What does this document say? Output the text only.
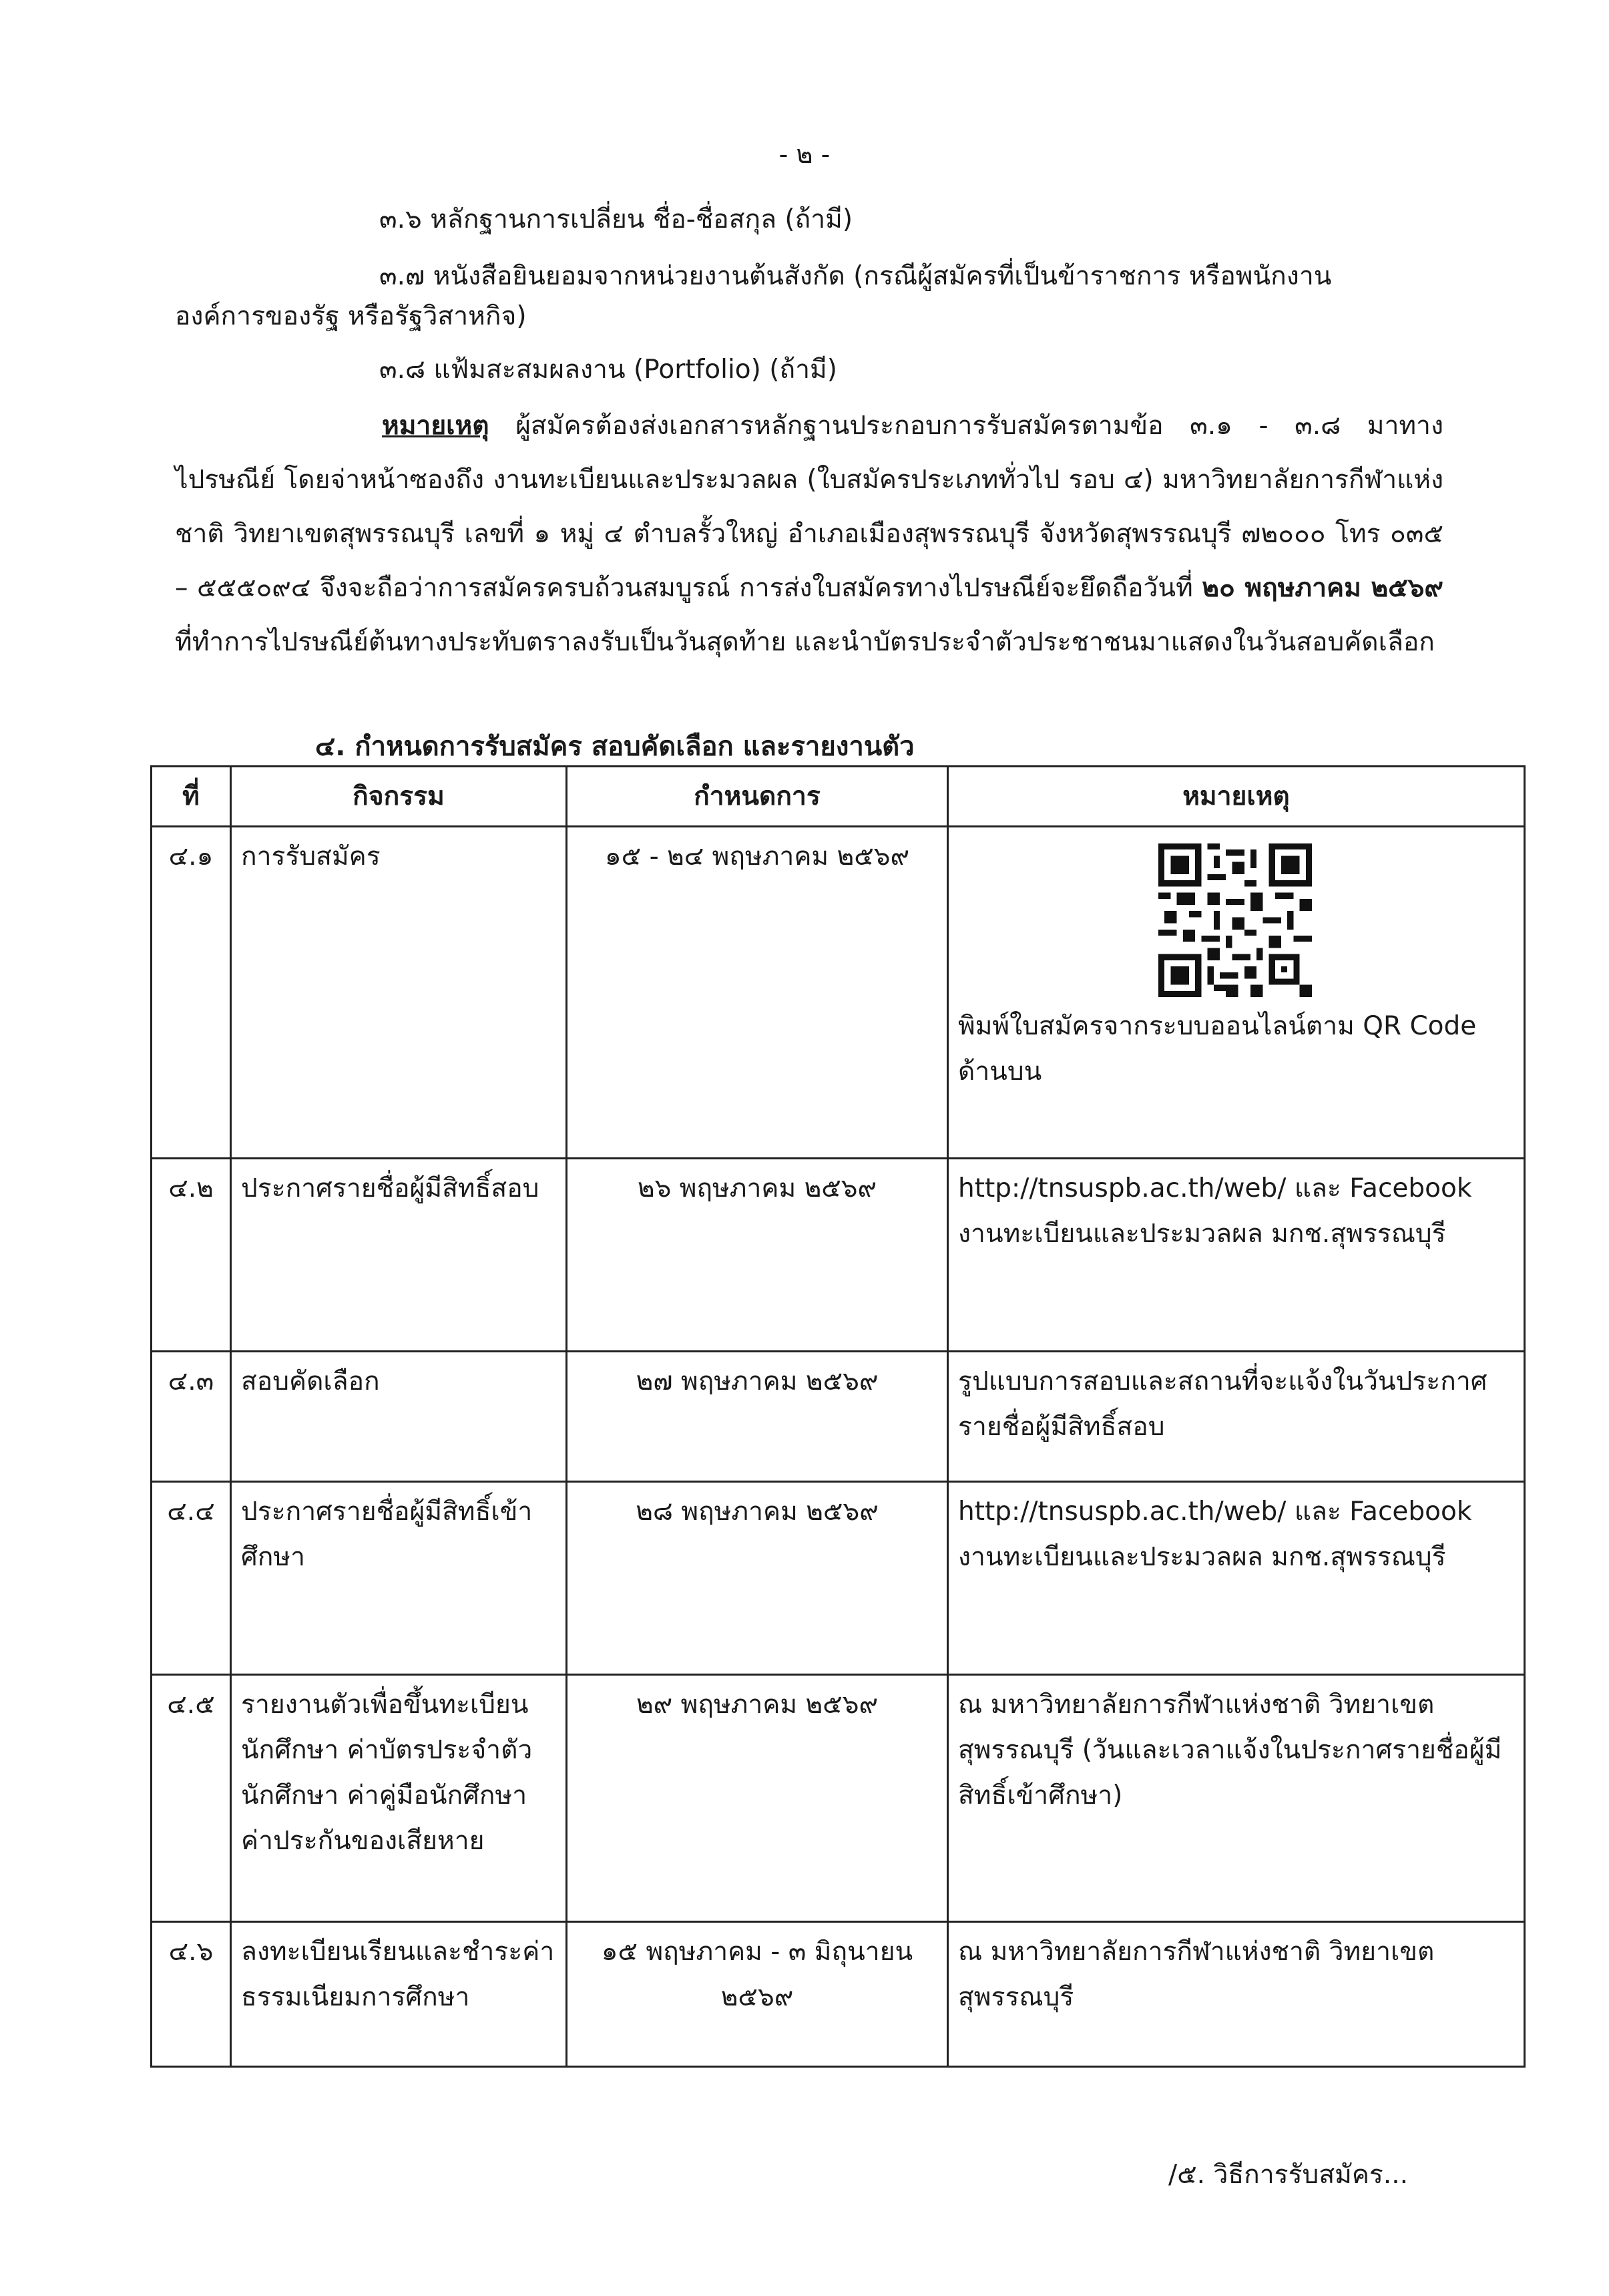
- ๒ -
๓.๖ หลักฐานการเปลี่ยน ชื่อ-ชื่อสกุล (ถ้ามี)
๓.๗ หนังสือยินยอมจากหน่วยงานต้นสังกัด (กรณีผู้สมัครที่เป็นข้าราชการ หรือพนักงาน
องค์การของรัฐ หรือรัฐวิสาหกิจ)
๓.๘ แฟ้มสะสมผลงาน (Portfolio) (ถ้ามี)
หมายเหตุ ผู้สมัครต้องส่งเอกสารหลักฐานประกอบการรับสมัครตามข้อ ๓.๑ - ๓.๘ มาทางไปรษณีย์ โดยจ่าหน้าซองถึง งานทะเบียนและประมวลผล (ใบสมัครประเภททั่วไป รอบ ๔) มหาวิทยาลัยการกีฬาแห่งชาติ วิทยาเขตสุพรรณบุรี เลขที่ ๑ หมู่ ๔ ตำบลรั้วใหญ่ อำเภอเมืองสุพรรณบุรี จังหวัดสุพรรณบุรี ๗๒๐๐๐ โทร ๐๓๕ – ๕๕๕๐๙๔ จึงจะถือว่าการสมัครครบถ้วนสมบูรณ์ การส่งใบสมัครทางไปรษณีย์จะยึดถือวันที่ ๒๐ พฤษภาคม ๒๕๖๙ ที่ทำการไปรษณีย์ต้นทางประทับตราลงรับเป็นวันสุดท้าย และนำบัตรประจำตัวประชาชนมาแสดงในวันสอบคัดเลือก
๔. กำหนดการรับสมัคร สอบคัดเลือก และรายงานตัว
ที่	กิจกรรม	กำหนดการ	หมายเหตุ
๔.๑	การรับสมัคร	๑๕ - ๒๔ พฤษภาคม ๒๕๖๙	พิมพ์ใบสมัครจากระบบออนไลน์ตาม QR Code ด้านบน

๔.๒	ประกาศรายชื่อผู้มีสิทธิ์สอบ	๒๖ พฤษภาคม ๒๕๖๙	http://tnsuspb.ac.th/web/ และ Facebook งานทะเบียนและประมวลผล มกช.สุพรรณบุรี
๔.๓	สอบคัดเลือก	๒๗ พฤษภาคม ๒๕๖๙	รูปแบบการสอบและสถานที่จะแจ้งในวันประกาศรายชื่อผู้มีสิทธิ์สอบ
๔.๔	ประกาศรายชื่อผู้มีสิทธิ์เข้าศึกษา	๒๘ พฤษภาคม ๒๕๖๙	http://tnsuspb.ac.th/web/ และ Facebook งานทะเบียนและประมวลผล มกช.สุพรรณบุรี
๔.๕	รายงานตัวเพื่อขึ้นทะเบียนนักศึกษา ค่าบัตรประจำตัวนักศึกษา ค่าคู่มือนักศึกษา ค่าประกันของเสียหาย	๒๙ พฤษภาคม ๒๕๖๙	ณ มหาวิทยาลัยการกีฬาแห่งชาติ วิทยาเขตสุพรรณบุรี (วันและเวลาแจ้งในประกาศรายชื่อผู้มีสิทธิ์เข้าศึกษา)
๔.๖	ลงทะเบียนเรียนและชำระค่าธรรมเนียมการศึกษา	๑๕ พฤษภาคม - ๓ มิถุนายน ๒๕๖๙	ณ มหาวิทยาลัยการกีฬาแห่งชาติ วิทยาเขตสุพรรณบุรี
/๕. วิธีการรับสมัคร...
